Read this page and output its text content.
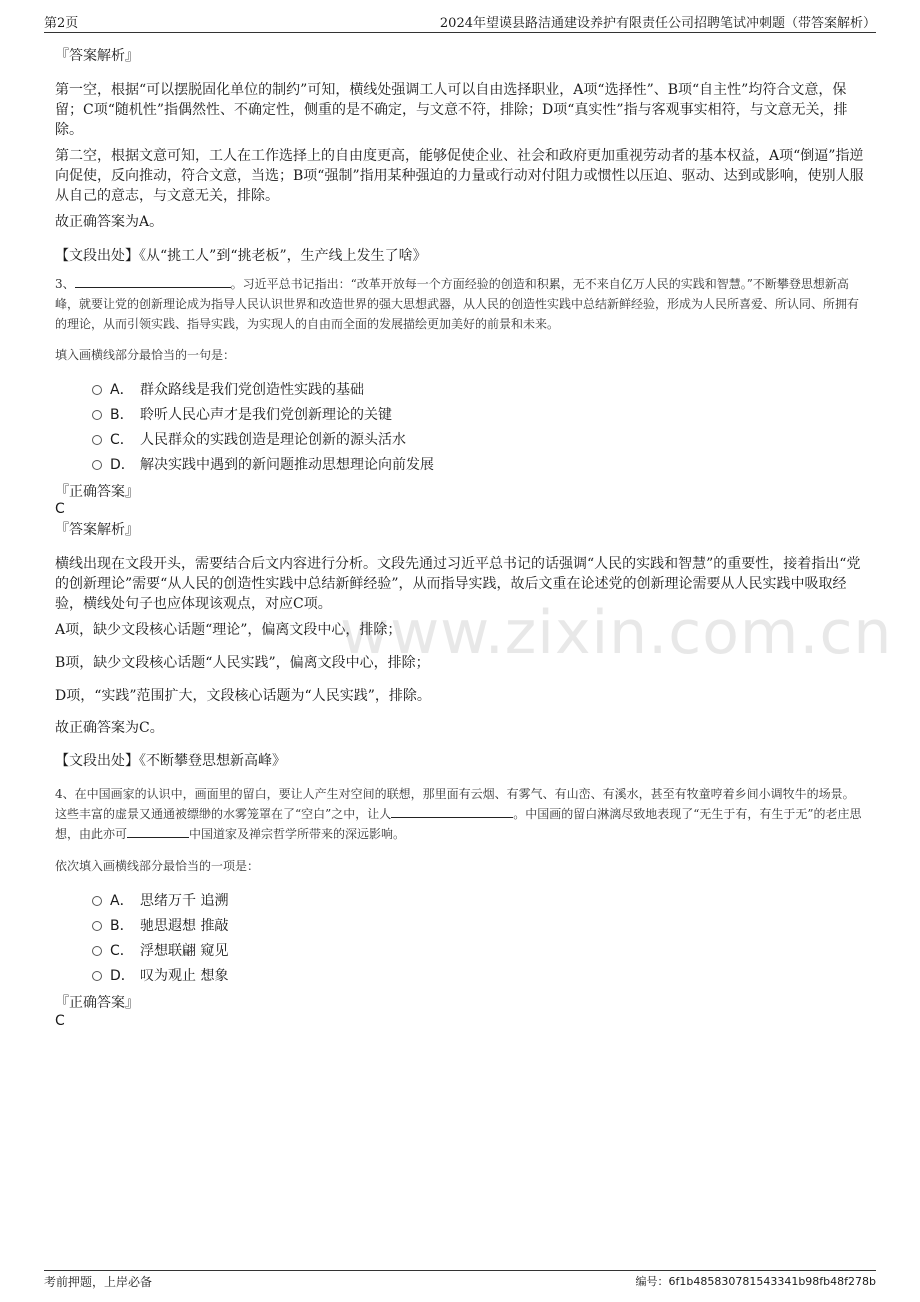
第2页	2024年望谟县路洁通建设养护有限责任公司招聘笔试冲刺题（带答案解析）
www.zixin.com.cn
『答案解析』
第一空，根据“可以摆脱固化单位的制约”可知，横线处强调工人可以自由选择职业，A项“选择性”、B项“自主性”均符合文意，保留；C项“随机性”指偶然性、不确定性，侧重的是不确定，与文意不符，排除；D项“真实性”指与客观事实相符，与文意无关，排除。
第二空，根据文意可知，工人在工作选择上的自由度更高，能够促使企业、社会和政府更加重视劳动者的基本权益，A项“倒逼”指逆向促使，反向推动，符合文意，当选；B项“强制”指用某种强迫的力量或行动对付阻力或惯性以压迫、驱动、达到或影响，使别人服从自己的意志，与文意无关，排除。
故正确答案为A。
【文段出处】《从“挑工人”到“挑老板”，生产线上发生了啥》
3、	。习近平总书记指出：“改革开放每一个方面经验的创造和积累，无不来自亿万人民的实践和智慧。”不断攀登思想新高峰，就要让党的创新理论成为指导人民认识世界和改造世界的强大思想武器，从人民的创造性实践中总结新鲜经验，形成为人民所喜爱、所认同、所拥有的理论，从而引领实践、指导实践，为实现人的自由而全面的发展描绘更加美好的前景和未来。
填入画横线部分最恰当的一句是：
A． 群众路线是我们党创造性实践的基础
B． 聆听人民心声才是我们党创新理论的关键
C． 人民群众的实践创造是理论创新的源头活水
D． 解决实践中遇到的新问题推动思想理论向前发展
『正确答案』
C
『答案解析』
横线出现在文段开头，需要结合后文内容进行分析。文段先通过习近平总书记的话强调“人民的实践和智慧”的重要性，接着指出“党的创新理论”需要“从人民的创造性实践中总结新鲜经验”，从而指导实践，故后文重在论述党的创新理论需要从人民实践中吸取经验，横线处句子也应体现该观点，对应C项。
A项，缺少文段核心话题“理论”，偏离文段中心，排除；
B项，缺少文段核心话题“人民实践”，偏离文段中心，排除；
D项，“实践”范围扩大，文段核心话题为“人民实践”，排除。
故正确答案为C。
【文段出处】《不断攀登思想新高峰》
4、在中国画家的认识中，画面里的留白，要让人产生对空间的联想，那里面有云烟、有雾气、有山峦、有溪水，甚至有牧童哼着乡间小调牧牛的场景。这些丰富的虚景又通通被缥缈的水雾笼罩在了“空白”之中，让人	。中国画的留白淋漓尽致地表现了“无生于有，有生于无”的老庄思想，由此亦可	中国道家及禅宗哲学所带来的深远影响。
依次填入画横线部分最恰当的一项是：
A． 思绪万千 追溯
B． 驰思遐想 推敲
C． 浮想联翩 窥见
D． 叹为观止 想象
『正确答案』
C
考前押题，上岸必备	编号：6f1b485830781543341b98fb48f278b
